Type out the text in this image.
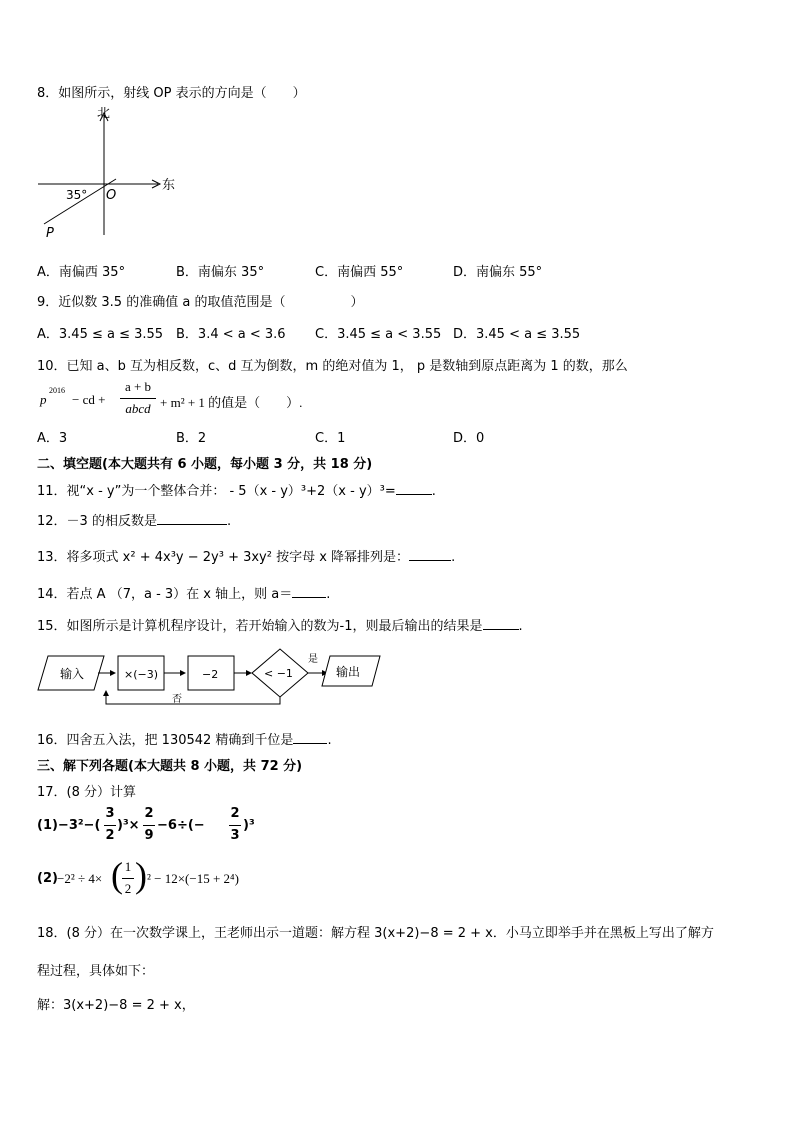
8．如图所示，射线 OP 表示的方向是（　　）
北
东
O
P
35°
A．南偏西 35°	B．南偏东 35°	C．南偏西 55°	D．南偏东 55°
9．近似数 3.5 的准确值 a 的取值范围是（　　　　　）
A．3.45 ≤ a ≤ 3.55 B．3.4 < a < 3.6 C．3.45 ≤ a < 3.55 D．3.45 < a ≤ 3.55
10．已知 a、b 互为相反数，c、d 互为倒数，m 的绝对值为 1， p 是数轴到原点距离为 1 的数，那么
p
2016
− cd +
a + b
abcd + m² + 1 的值是（　　）.
A．3	B．2	C．1	D．0
二、填空题(本大题共有 6 小题，每小题 3 分，共 18 分)
11．视“x - y”为一个整体合并： - 5（x - y）³+2（x - y）³=	.
12．－3 的相反数是	.
13．将多项式 x² + 4x³y − 2y³ + 3xy² 按字母 x 降幂排列是：	.
14．若点 A （7，a - 3）在 x 轴上，则 a＝	.
15．如图所示是计算机程序设计，若开始输入的数为-1，则最后输出的结果是	.
输入	×(−3)	−2	< −1
是
输出
否
16．四舍五入法，把 130542 精确到千位是	.
三、解下列各题(本大题共 8 小题，共 72 分)
17．(8 分）计算
(1)−3²−(
3
2
)³×
2
9
−6÷(−
2
3
)³
(2) −2² ÷ 4× ( 1
2 ) ² − 12×(−15 + 2⁴)
18．(8 分）在一次数学课上，王老师出示一道题：解方程 3(x+2)−8 = 2 + x．小马立即举手并在黑板上写出了解方
程过程，具体如下：
解：3(x+2)−8 = 2 + x，
